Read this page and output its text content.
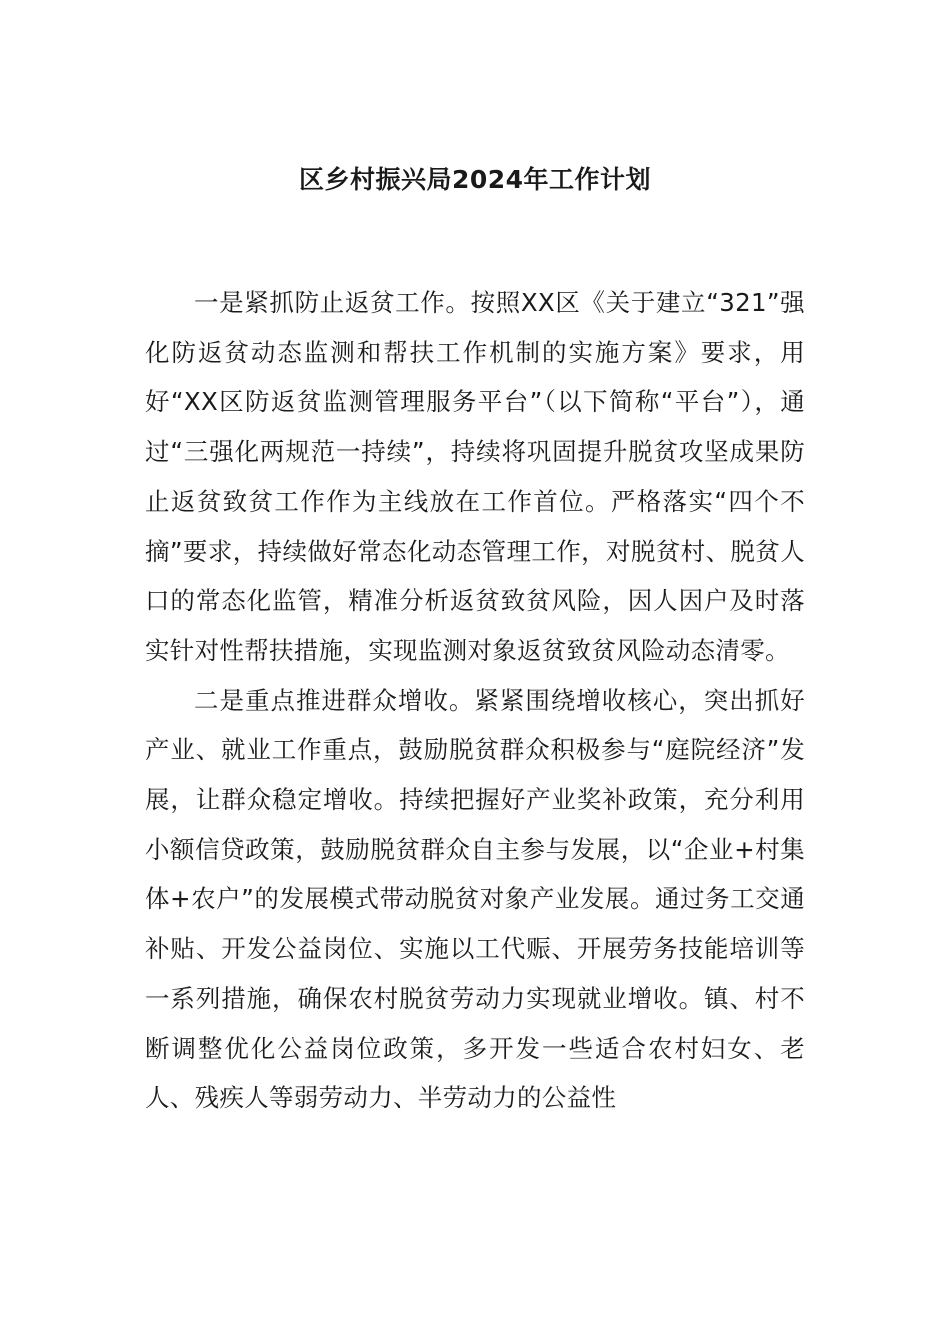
区乡村振兴局2024年工作计划

一是紧抓防止返贫工作。按照XX区《关于建立“321”强化防返贫动态监测和帮扶工作机制的实施方案》要求，用好“XX区防返贫监测管理服务平台”（以下简称“平台”），通过“三强化两规范一持续”，持续将巩固提升脱贫攻坚成果防止返贫致贫工作作为主线放在工作首位。严格落实“四个不摘”要求，持续做好常态化动态管理工作，对脱贫村、脱贫人口的常态化监管，精准分析返贫致贫风险，因人因户及时落实针对性帮扶措施，实现监测对象返贫致贫风险动态清零。

二是重点推进群众增收。紧紧围绕增收核心，突出抓好产业、就业工作重点，鼓励脱贫群众积极参与“庭院经济”发展，让群众稳定增收。持续把握好产业奖补政策，充分利用小额信贷政策，鼓励脱贫群众自主参与发展，以“企业+村集体+农户”的发展模式带动脱贫对象产业发展。通过务工交通补贴、开发公益岗位、实施以工代赈、开展劳务技能培训等一系列措施，确保农村脱贫劳动力实现就业增收。镇、村不断调整优化公益岗位政策，多开发一些适合农村妇女、老人、残疾人等弱劳动力、半劳动力的公益性
